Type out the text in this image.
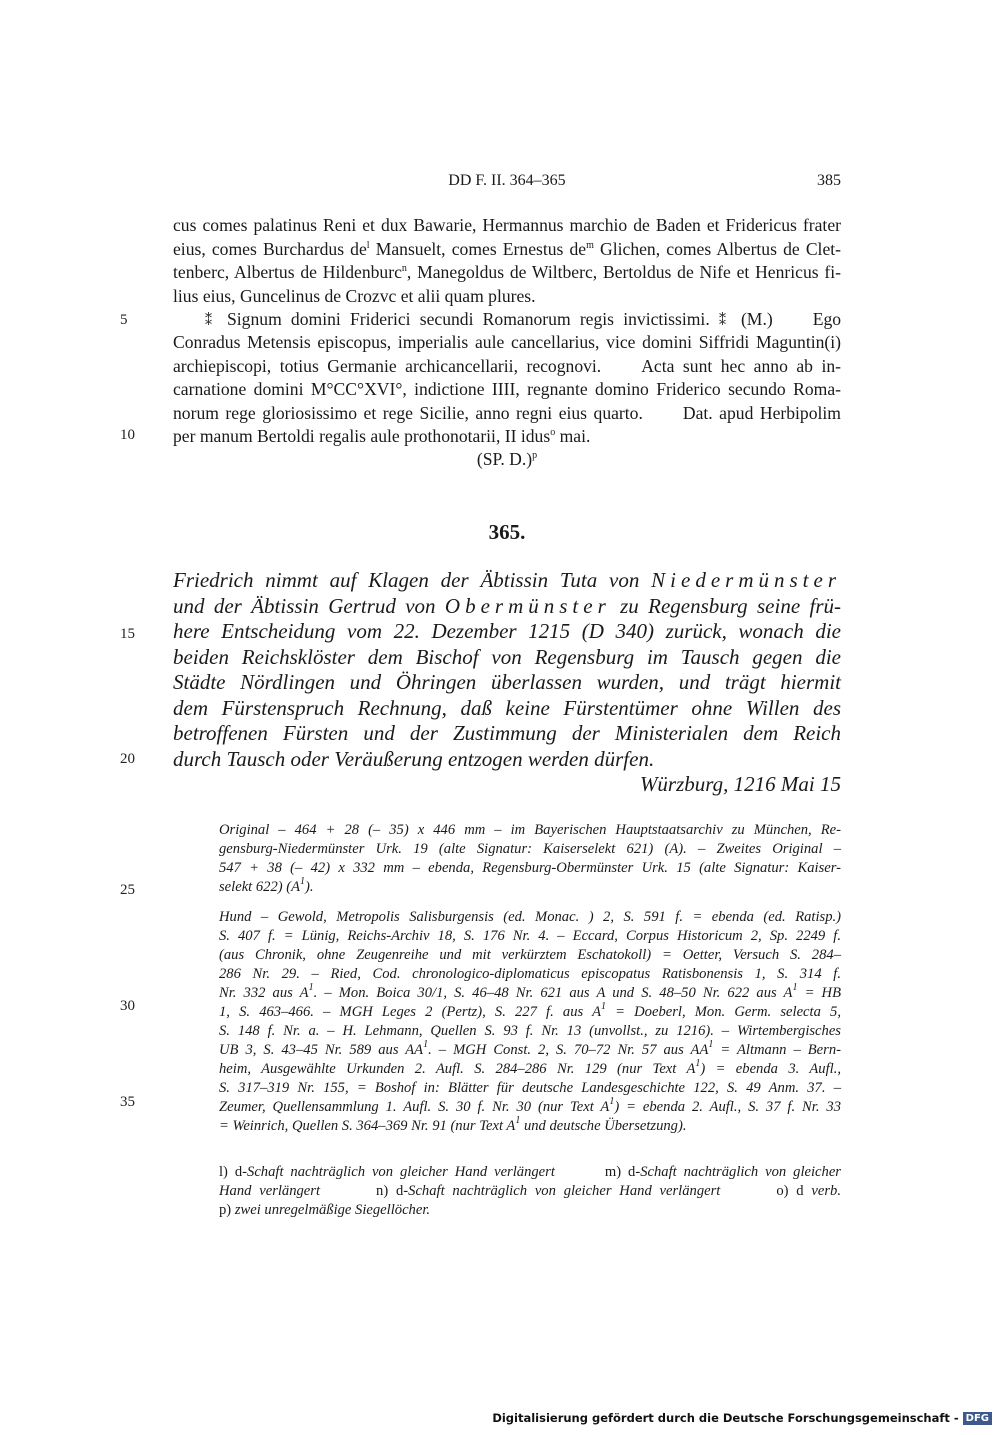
DD F. II. 364–365	385
5
10
15
20
25
30
35
cus comes palatinus Reni et dux Bawarie, Hermannus marchio de Baden et Fridericus frater
eius, comes Burchardus $de^l$ Mansuelt, comes Ernestus $de^m$ Glichen, comes Albertus de Clet-
tenberc, Albertus de Hildenburc$^n$, Manegoldus de Wiltberc, Bertoldus de Nife et Henricus fi-
lius eius, Guncelinus de Crozvc et alii quam plures.
⁑ Signum domini Friderici secundi Romanorum regis invictissimi. ⁑ (M.) Ego
Conradus Metensis episcopus, imperialis aule cancellarius, vice domini Siffridi Maguntin(i)
archiepiscopi, totius Germanie archicancellarii, recognovi. Acta sunt hec anno ab in-
carnatione domini M°CC°XVI°, indictione IIII, regnante domino Friderico secundo Roma-
norum rege gloriosissimo et rege Sicilie, anno regni eius quarto. Dat. apud Herbipolim
per manum Bertoldi regalis aule prothonotarii, II idus$^o$ mai.
(SP. D.)$^p$
365.
Friedrich nimmt auf Klagen der Äbtissin Tuta von Niedermünster
und der Äbtissin Gertrud von Obermünster zu Regensburg seine frü-
here Entscheidung vom 22. Dezember 1215 (D 340) zurück, wonach die
beiden Reichsklöster dem Bischof von Regensburg im Tausch gegen die
Städte Nördlingen und Öhringen überlassen wurden, und trägt hiermit
dem Fürstenspruch Rechnung, daß keine Fürstentümer ohne Willen des
betroffenen Fürsten und der Zustimmung der Ministerialen dem Reich
durch Tausch oder Veräußerung entzogen werden dürfen.
Würzburg, 1216 Mai 15
Original – 464 + 28 (– 35) x 446 mm – im Bayerischen Hauptstaatsarchiv zu München, Re-
gensburg-Niedermünster Urk. 19 (alte Signatur: Kaiserselekt 621) (A). – Zweites Original –
547 + 38 (– 42) x 332 mm – ebenda, Regensburg-Obermünster Urk. 15 (alte Signatur: Kaiser-
selekt 622) $(A^1)$.
Hund – Gewold, Metropolis Salisburgensis (ed. Monac. ) 2, S. 591 f. = ebenda (ed. Ratisp.)
S. 407 f. = Lünig, Reichs-Archiv 18, S. 176 Nr. 4. – Eccard, Corpus Historicum 2, Sp. 2249 f.
(aus Chronik, ohne Zeugenreihe und mit verkürztem Eschatokoll) = Oetter, Versuch S. 284–
286 Nr. 29. – Ried, Cod. chronologico-diplomaticus episcopatus Ratisbonensis 1, S. 314 f.
Nr. 332 aus $A^1$. – Mon. Boica 30/1, S. 46–48 Nr. 621 aus A und S. 48–50 Nr. 622 aus $A^1$ = HB
1, S. 463–466. – MGH Leges 2 (Pertz), S. 227 f. aus $A^1$ = Doeberl, Mon. Germ. selecta 5,
S. 148 f. Nr. a. – H. Lehmann, Quellen S. 93 f. Nr. 13 (unvollst., zu 1216). – Wirtembergisches
UB 3, S. 43–45 Nr. 589 aus $AA^1$. – MGH Const. 2, S. 70–72 Nr. 57 aus $AA^1$ = Altmann – Bern-
heim, Ausgewählte Urkunden 2. Aufl. S. 284–286 Nr. 129 (nur Text $A^1$) = ebenda 3. Aufl.,
S. 317–319 Nr. 155, = Boshof in: Blätter für deutsche Landesgeschichte 122, S. 49 Anm. 37. –
Zeumer, Quellensammlung 1. Aufl. S. 30 f. Nr. 30 (nur Text $A^1$) = ebenda 2. Aufl., S. 37 f. Nr. 33
= Weinrich, Quellen S. 364–369 Nr. 91 (nur Text $A^1$ und deutsche Übersetzung).
l) d-Schaft nachträglich von gleicher Hand verlängert	m) d-Schaft nachträglich von gleicher
Hand verlängert	n) d-Schaft nachträglich von gleicher Hand verlängert	o) d verb.
p) zwei unregelmäßige Siegellöcher.
Digitalisierung gefördert durch die Deutsche Forschungsgemeinschaft - DFG
